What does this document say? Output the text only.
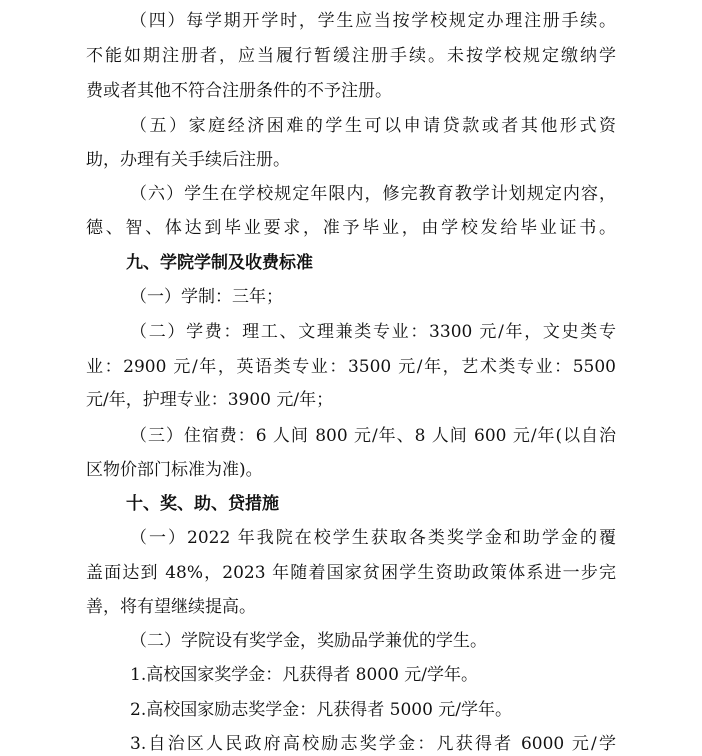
（四）每学期开学时，学生应当按学校规定办理注册手续。
不能如期注册者，应当履行暂缓注册手续。未按学校规定缴纳学
费或者其他不符合注册条件的不予注册。
（五）家庭经济困难的学生可以申请贷款或者其他形式资
助，办理有关手续后注册。
（六）学生在学校规定年限内，修完教育教学计划规定内容，
德、智、体达到毕业要求，准予毕业，由学校发给毕业证书。
九、学院学制及收费标准
（一）学制：三年；
（二）学费：理工、文理兼类专业：3300 元/年，文史类专
业：2900 元/年，英语类专业：3500 元/年，艺术类专业：5500
元/年，护理专业：3900 元/年；
（三）住宿费：6 人间 800 元/年、8 人间 600 元/年(以自治
区物价部门标准为准)。
十、奖、助、贷措施
（一）2022 年我院在校学生获取各类奖学金和助学金的覆
盖面达到 48%，2023 年随着国家贫困学生资助政策体系进一步完
善，将有望继续提高。
（二）学院设有奖学金，奖励品学兼优的学生。
1.高校国家奖学金：凡获得者 8000 元/学年。
2.高校国家励志奖学金：凡获得者 5000 元/学年。
3.自治区人民政府高校励志奖学金：凡获得者 6000 元/学
